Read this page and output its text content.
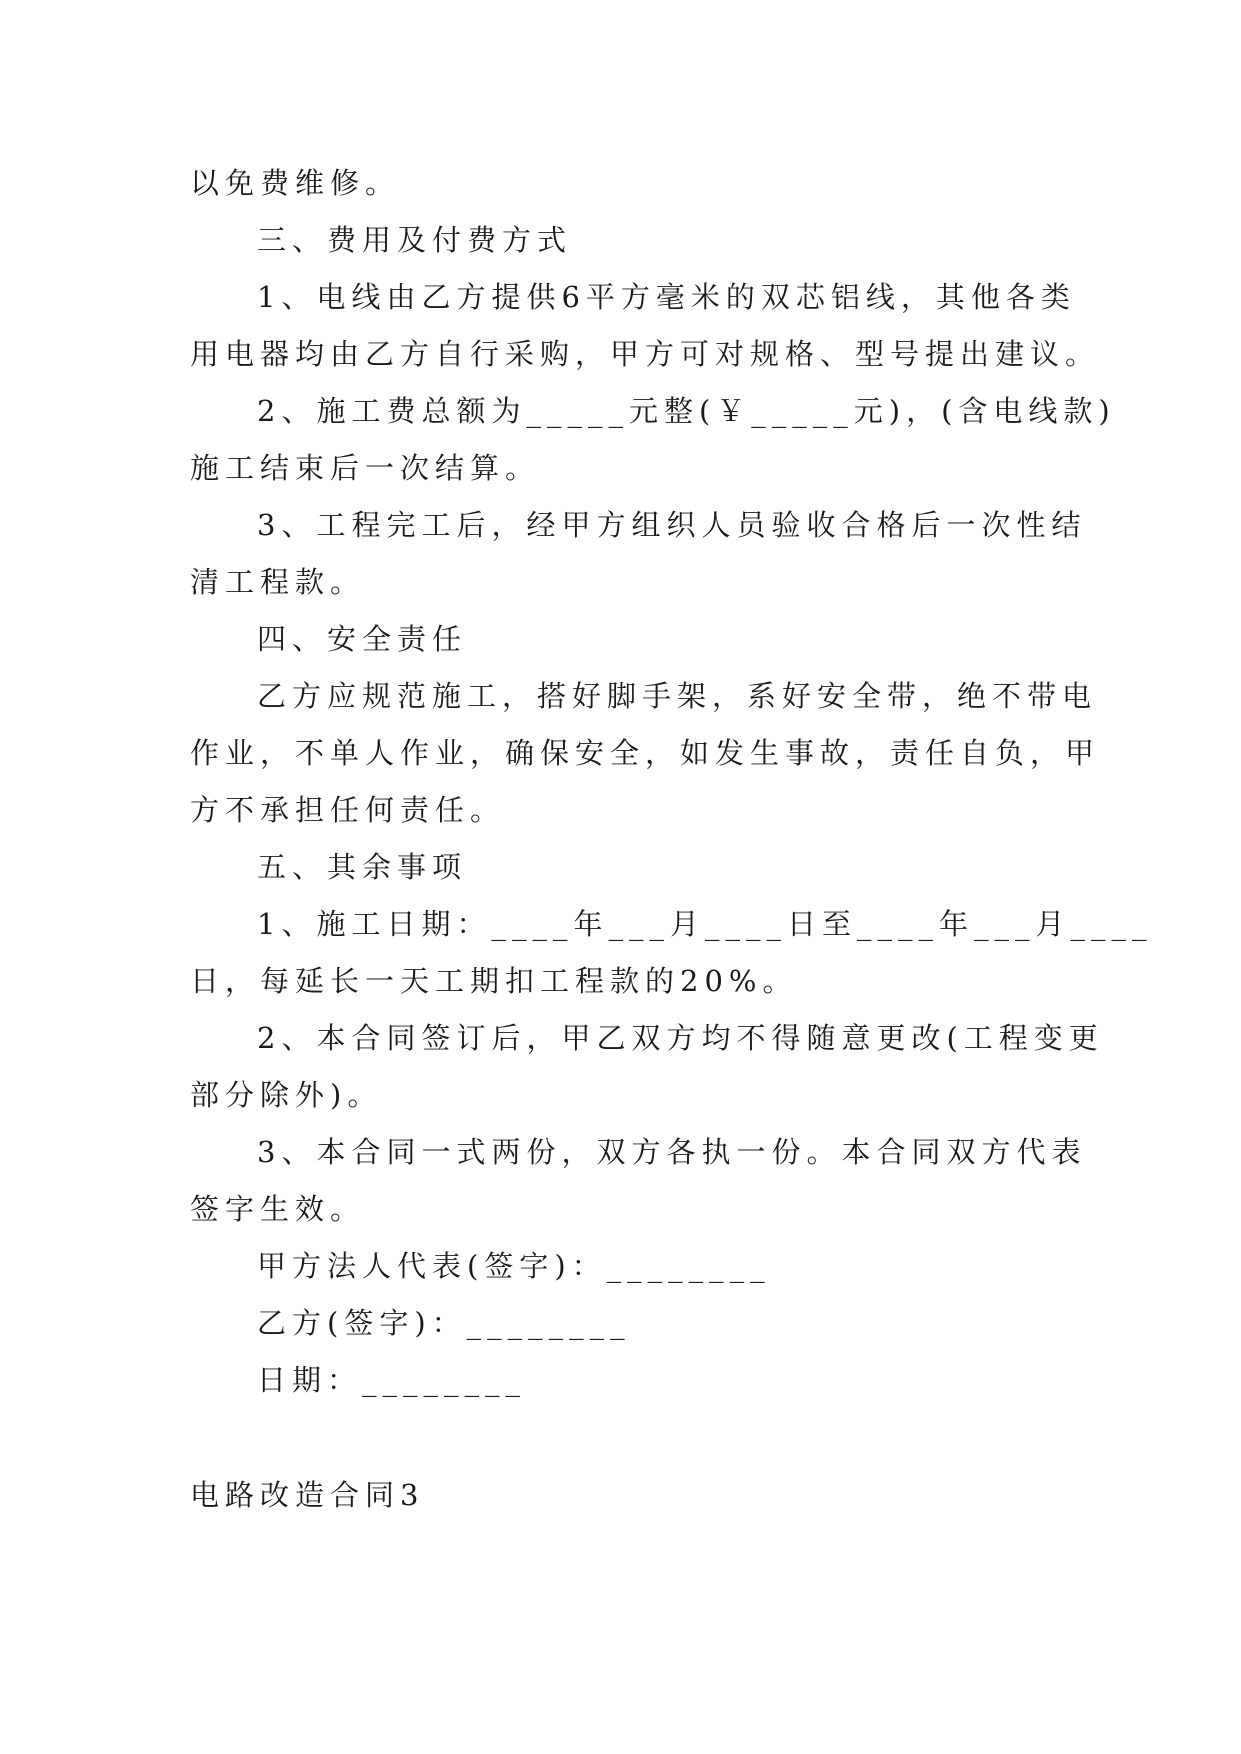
以免费维修。
三、费用及付费方式
1、电线由乙方提供6平方毫米的双芯铝线，其他各类
用电器均由乙方自行采购，甲方可对规格、型号提出建议。
2、施工费总额为_____元整(￥_____元)，(含电线款)
施工结束后一次结算。
3、工程完工后，经甲方组织人员验收合格后一次性结
清工程款。
四、安全责任
乙方应规范施工，搭好脚手架，系好安全带，绝不带电
作业，不单人作业，确保安全，如发生事故，责任自负，甲
方不承担任何责任。
五、其余事项
1、施工日期：____年___月____日至____年___月____
日，每延长一天工期扣工程款的20%。
2、本合同签订后，甲乙双方均不得随意更改(工程变更
部分除外)。
3、本合同一式两份，双方各执一份。本合同双方代表
签字生效。
甲方法人代表(签字)：________
乙方(签字)：________
日期：________
电路改造合同3
